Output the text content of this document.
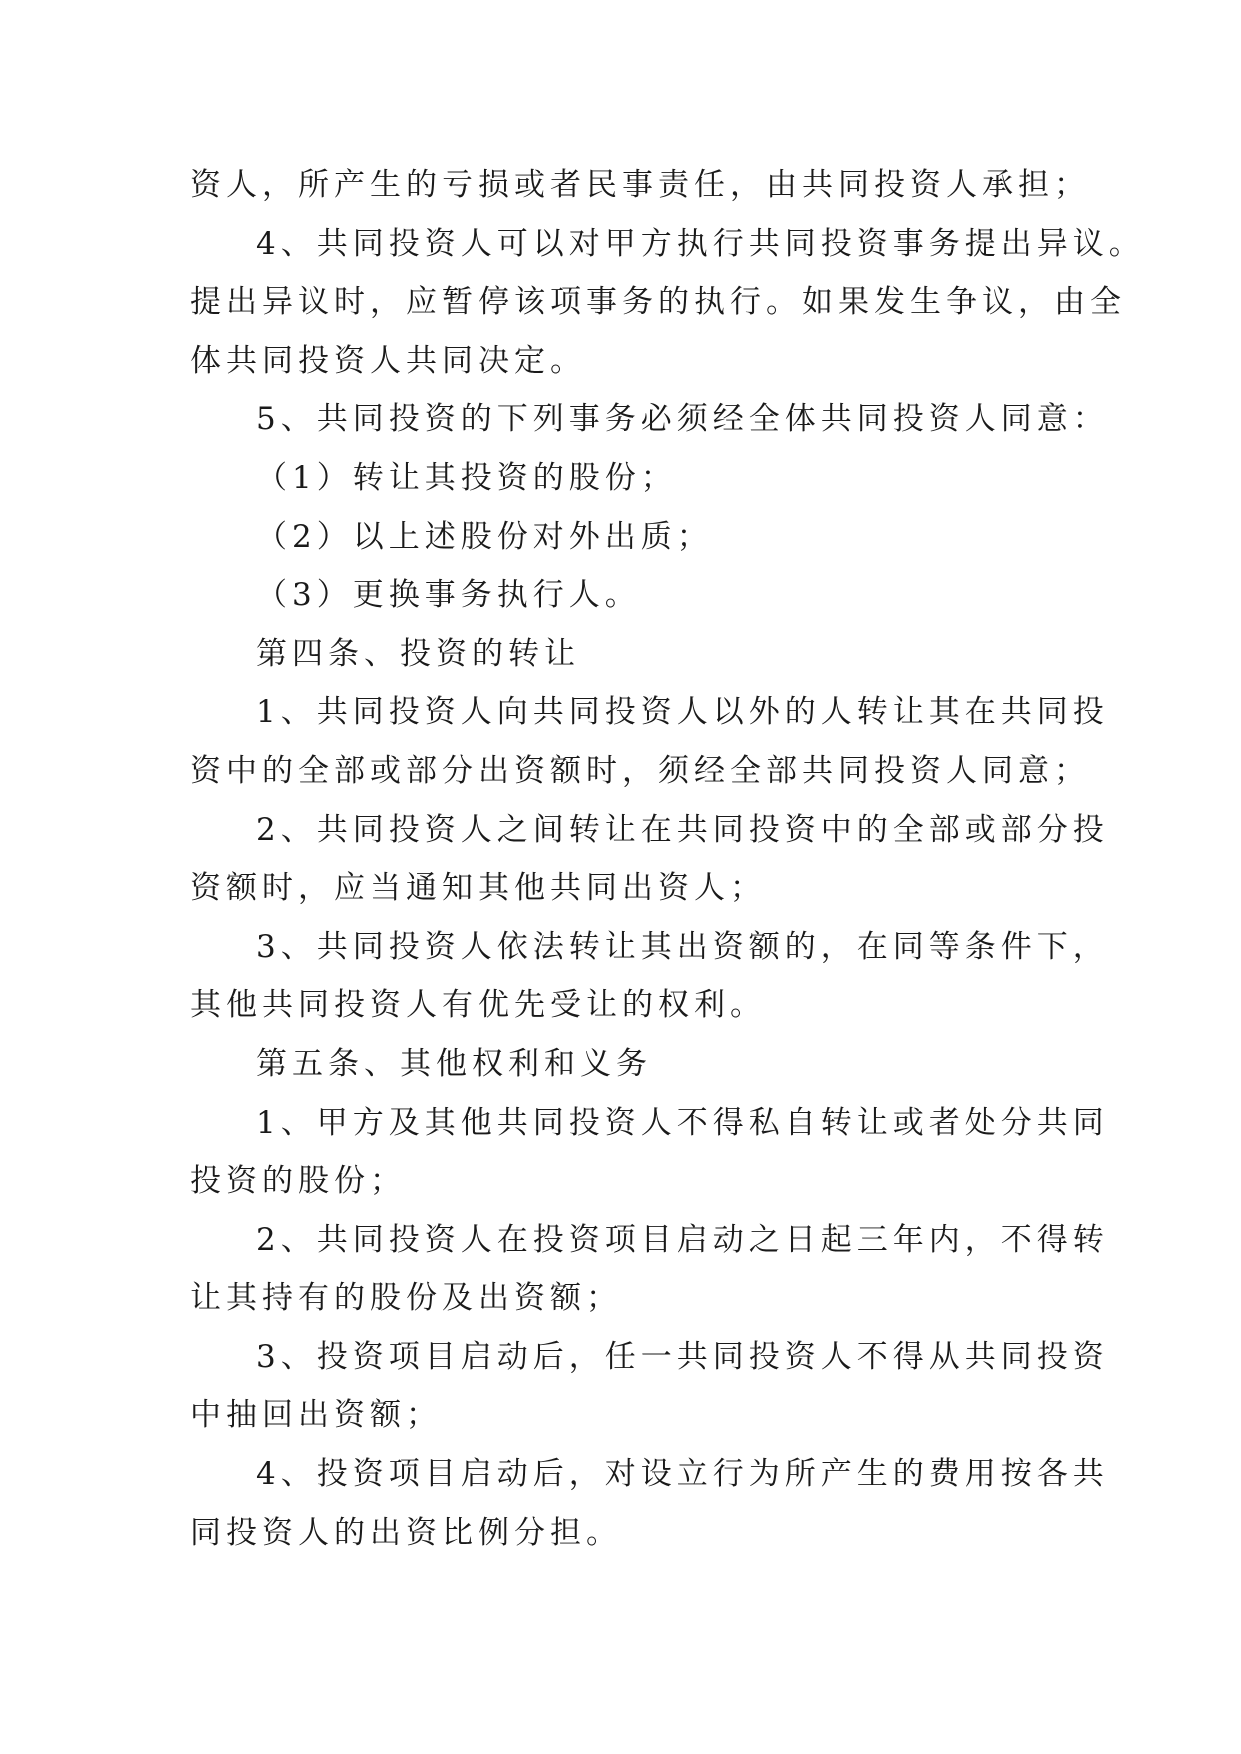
资人，所产生的亏损或者民事责任，由共同投资人承担；
4、共同投资人可以对甲方执行共同投资事务提出异议。
提出异议时，应暂停该项事务的执行。如果发生争议，由全
体共同投资人共同决定。
5、共同投资的下列事务必须经全体共同投资人同意：
（1）转让其投资的股份；
（2）以上述股份对外出质；
（3）更换事务执行人。
第四条、投资的转让
1、共同投资人向共同投资人以外的人转让其在共同投
资中的全部或部分出资额时，须经全部共同投资人同意；
2、共同投资人之间转让在共同投资中的全部或部分投
资额时，应当通知其他共同出资人；
3、共同投资人依法转让其出资额的，在同等条件下，
其他共同投资人有优先受让的权利。
第五条、其他权利和义务
1、甲方及其他共同投资人不得私自转让或者处分共同
投资的股份；
2、共同投资人在投资项目启动之日起三年内，不得转
让其持有的股份及出资额；
3、投资项目启动后，任一共同投资人不得从共同投资
中抽回出资额；
4、投资项目启动后，对设立行为所产生的费用按各共
同投资人的出资比例分担。
